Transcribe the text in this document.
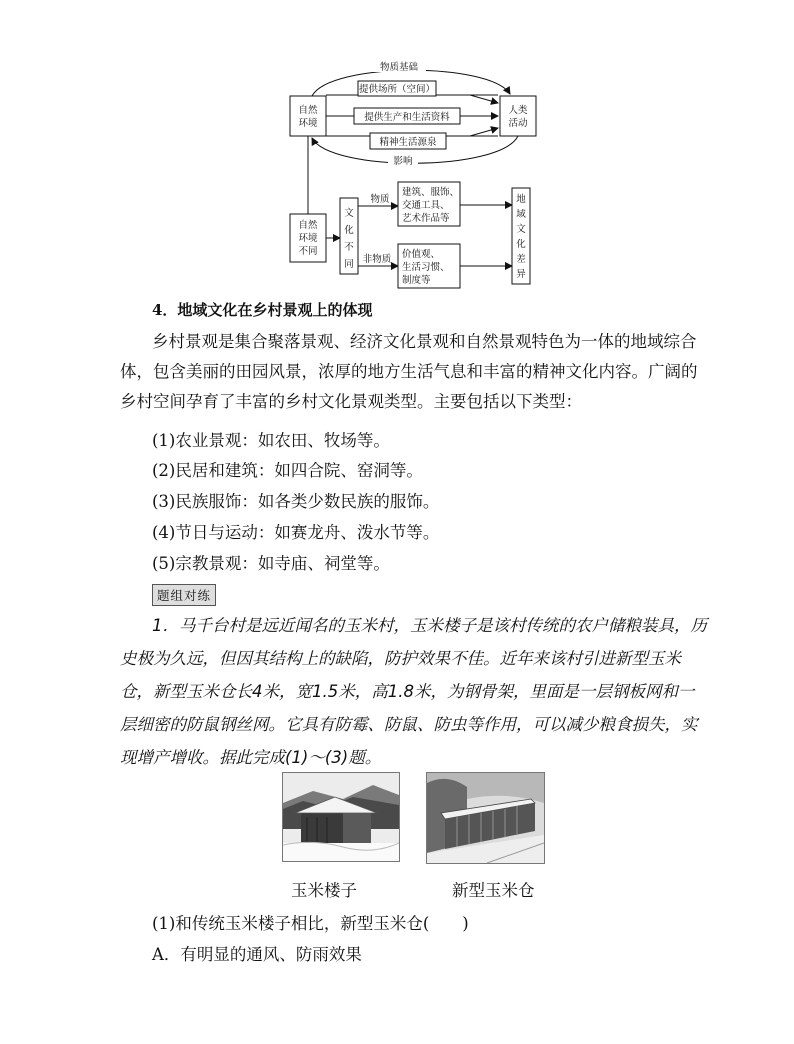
自然
环境
人类
活动
物质基础
提供场所（空间）
提供生产和生活资料
精神生活源泉
影响
自然
环境
不同
文
化
不
同
物质
非物质
建筑、服饰、
交通工具、
艺术作品等
价值观、
生活习惯、
制度等
地
域
文
化
差
异
4．地域文化在乡村景观上的体现
乡村景观是集合聚落景观、经济文化景观和自然景观特色为一体的地域综合体，包含美丽的田园风景，浓厚的地方生活气息和丰富的精神文化内容。广阔的乡村空间孕育了丰富的乡村文化景观类型。主要包括以下类型：
(1)农业景观：如农田、牧场等。
(2)民居和建筑：如四合院、窑洞等。
(3)民族服饰：如各类少数民族的服饰。
(4)节日与运动：如赛龙舟、泼水节等。
(5)宗教景观：如寺庙、祠堂等。
题组对练
1．马千台村是远近闻名的玉米村，玉米楼子是该村传统的农户储粮装具，历史极为久远，但因其结构上的缺陷，防护效果不佳。近年来该村引进新型玉米仓，新型玉米仓长4米，宽1.5米，高1.8米，为钢骨架，里面是一层钢板网和一层细密的防鼠钢丝网。它具有防霉、防鼠、防虫等作用，可以减少粮食损失，实现增产增收。据此完成(1)～(3)题。
玉米楼子	新型玉米仓
(1)和传统玉米楼子相比，新型玉米仓(　　)
A．有明显的通风、防雨效果
